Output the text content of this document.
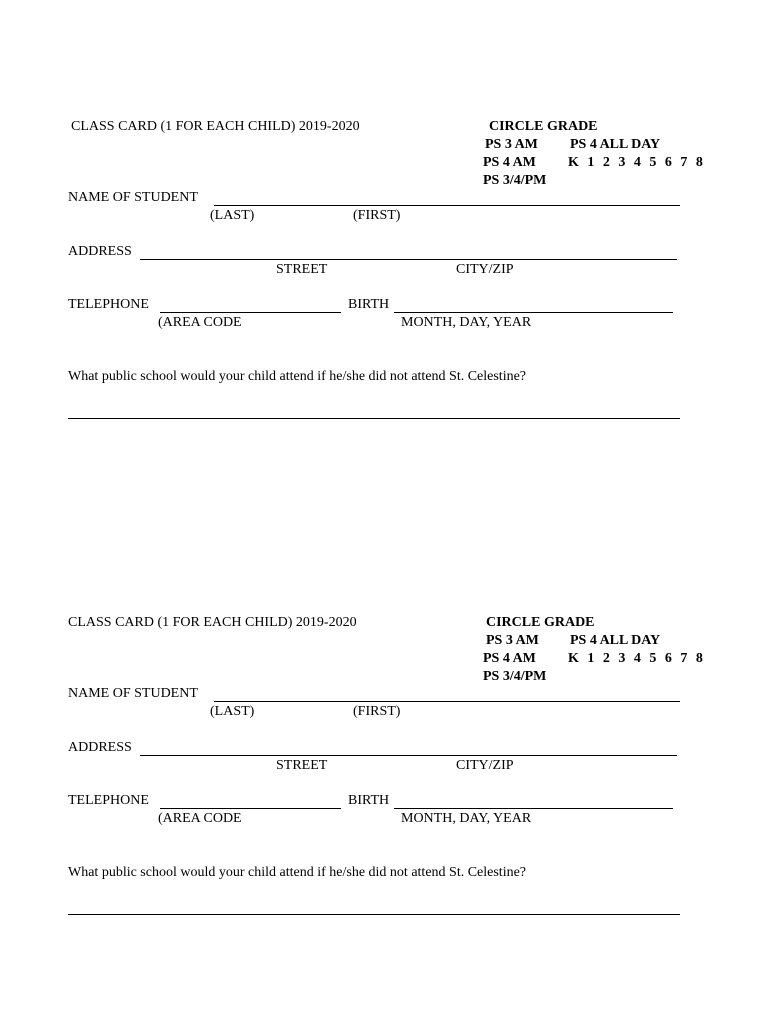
CLASS CARD (1 FOR EACH CHILD) 2019-2020	CIRCLE GRADE
PS 3 AM PS 4 ALL DAY
PS 4 AM K 1 2 3 4 5 6 7 8
PS 3/4/PM
NAME OF STUDENT
(LAST)	(FIRST)
ADDRESS
STREET	CITY/ZIP
TELEPHONE	BIRTH
(AREA CODE	MONTH, DAY, YEAR
What public school would your child attend if he/she did not attend St. Celestine?
CLASS CARD (1 FOR EACH CHILD) 2019-2020	CIRCLE GRADE
PS 3 AM PS 4 ALL DAY
PS 4 AM K 1 2 3 4 5 6 7 8
PS 3/4/PM
NAME OF STUDENT
(LAST)	(FIRST)
ADDRESS
STREET	CITY/ZIP
TELEPHONE	BIRTH
(AREA CODE	MONTH, DAY, YEAR
What public school would your child attend if he/she did not attend St. Celestine?
